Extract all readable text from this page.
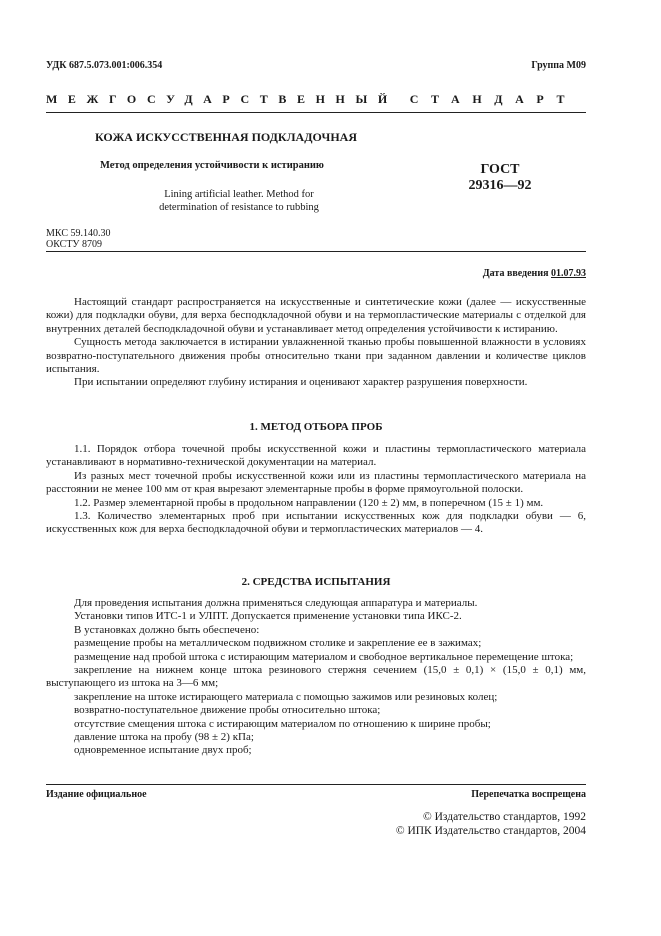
УДК 687.5.073.001:006.354	Группа М09
МЕЖГОСУДАРСТВЕННЫЙ СТАНДАРТ
КОЖА ИСКУССТВЕННАЯ ПОДКЛАДОЧНАЯ
Метод определения устойчивости к истиранию
Lining artificial leather. Method for
determination of resistance to rubbing
ГОСТ
29316—92
МКС 59.140.30
ОКСТУ 8709
Дата введения 01.07.93

Настоящий стандарт распространяется на искусственные и синтетические кожи (далее — искусственные кожи) для подкладки обуви, для верха бесподкладочной обуви и на термопластические материалы с отделкой для внутренних деталей бесподкладочной обуви и устанавливает метод определения устойчивости к истиранию.

Сущность метода заключается в истирании увлажненной тканью пробы повышенной влажности в условиях возвратно-поступательного движения пробы относительно ткани при заданном давлении и количестве циклов испытания.

При испытании определяют глубину истирания и оценивают характер разрушения поверхности.

1. МЕТОД ОТБОРА ПРОБ

1.1. Порядок отбора точечной пробы искусственной кожи и пластины термопластического материала устанавливают в нормативно-технической документации на материал.

Из разных мест точечной пробы искусственной кожи или из пластины термопластического материала на расстоянии не менее 100 мм от края вырезают элементарные пробы в форме прямоугольной полоски.

1.2. Размер элементарной пробы в продольном направлении (120 ± 2) мм, в поперечном (15 ± 1) мм.

1.3. Количество элементарных проб при испытании искусственных кож для подкладки обуви — 6, искусственных кож для верха бесподкладочной обуви и термопластических материалов — 4.

2. СРЕДСТВА ИСПЫТАНИЯ

Для проведения испытания должна применяться следующая аппаратура и материалы.

Установки типов ИТС-1 и УЛПТ. Допускается применение установки типа ИКС-2.

В установках должно быть обеспечено:

размещение пробы на металлическом подвижном столике и закрепление ее в зажимах;

размещение над пробой штока с истирающим материалом и свободное вертикальное перемещение штока;

закрепление на нижнем конце штока резинового стержня сечением (15,0 ± 0,1) × (15,0 ± 0,1) мм, выступающего из штока на 3—6 мм;

закрепление на штоке истирающего материала с помощью зажимов или резиновых колец;

возвратно-поступательное движение пробы относительно штока;

отсутствие смещения штока с истирающим материалом по отношению к ширине пробы;

давление штока на пробу (98 ± 2) кПа;

одновременное испытание двух проб;

Издание официальное	Перепечатка воспрещена
© Издательство стандартов, 1992
© ИПК Издательство стандартов, 2004
